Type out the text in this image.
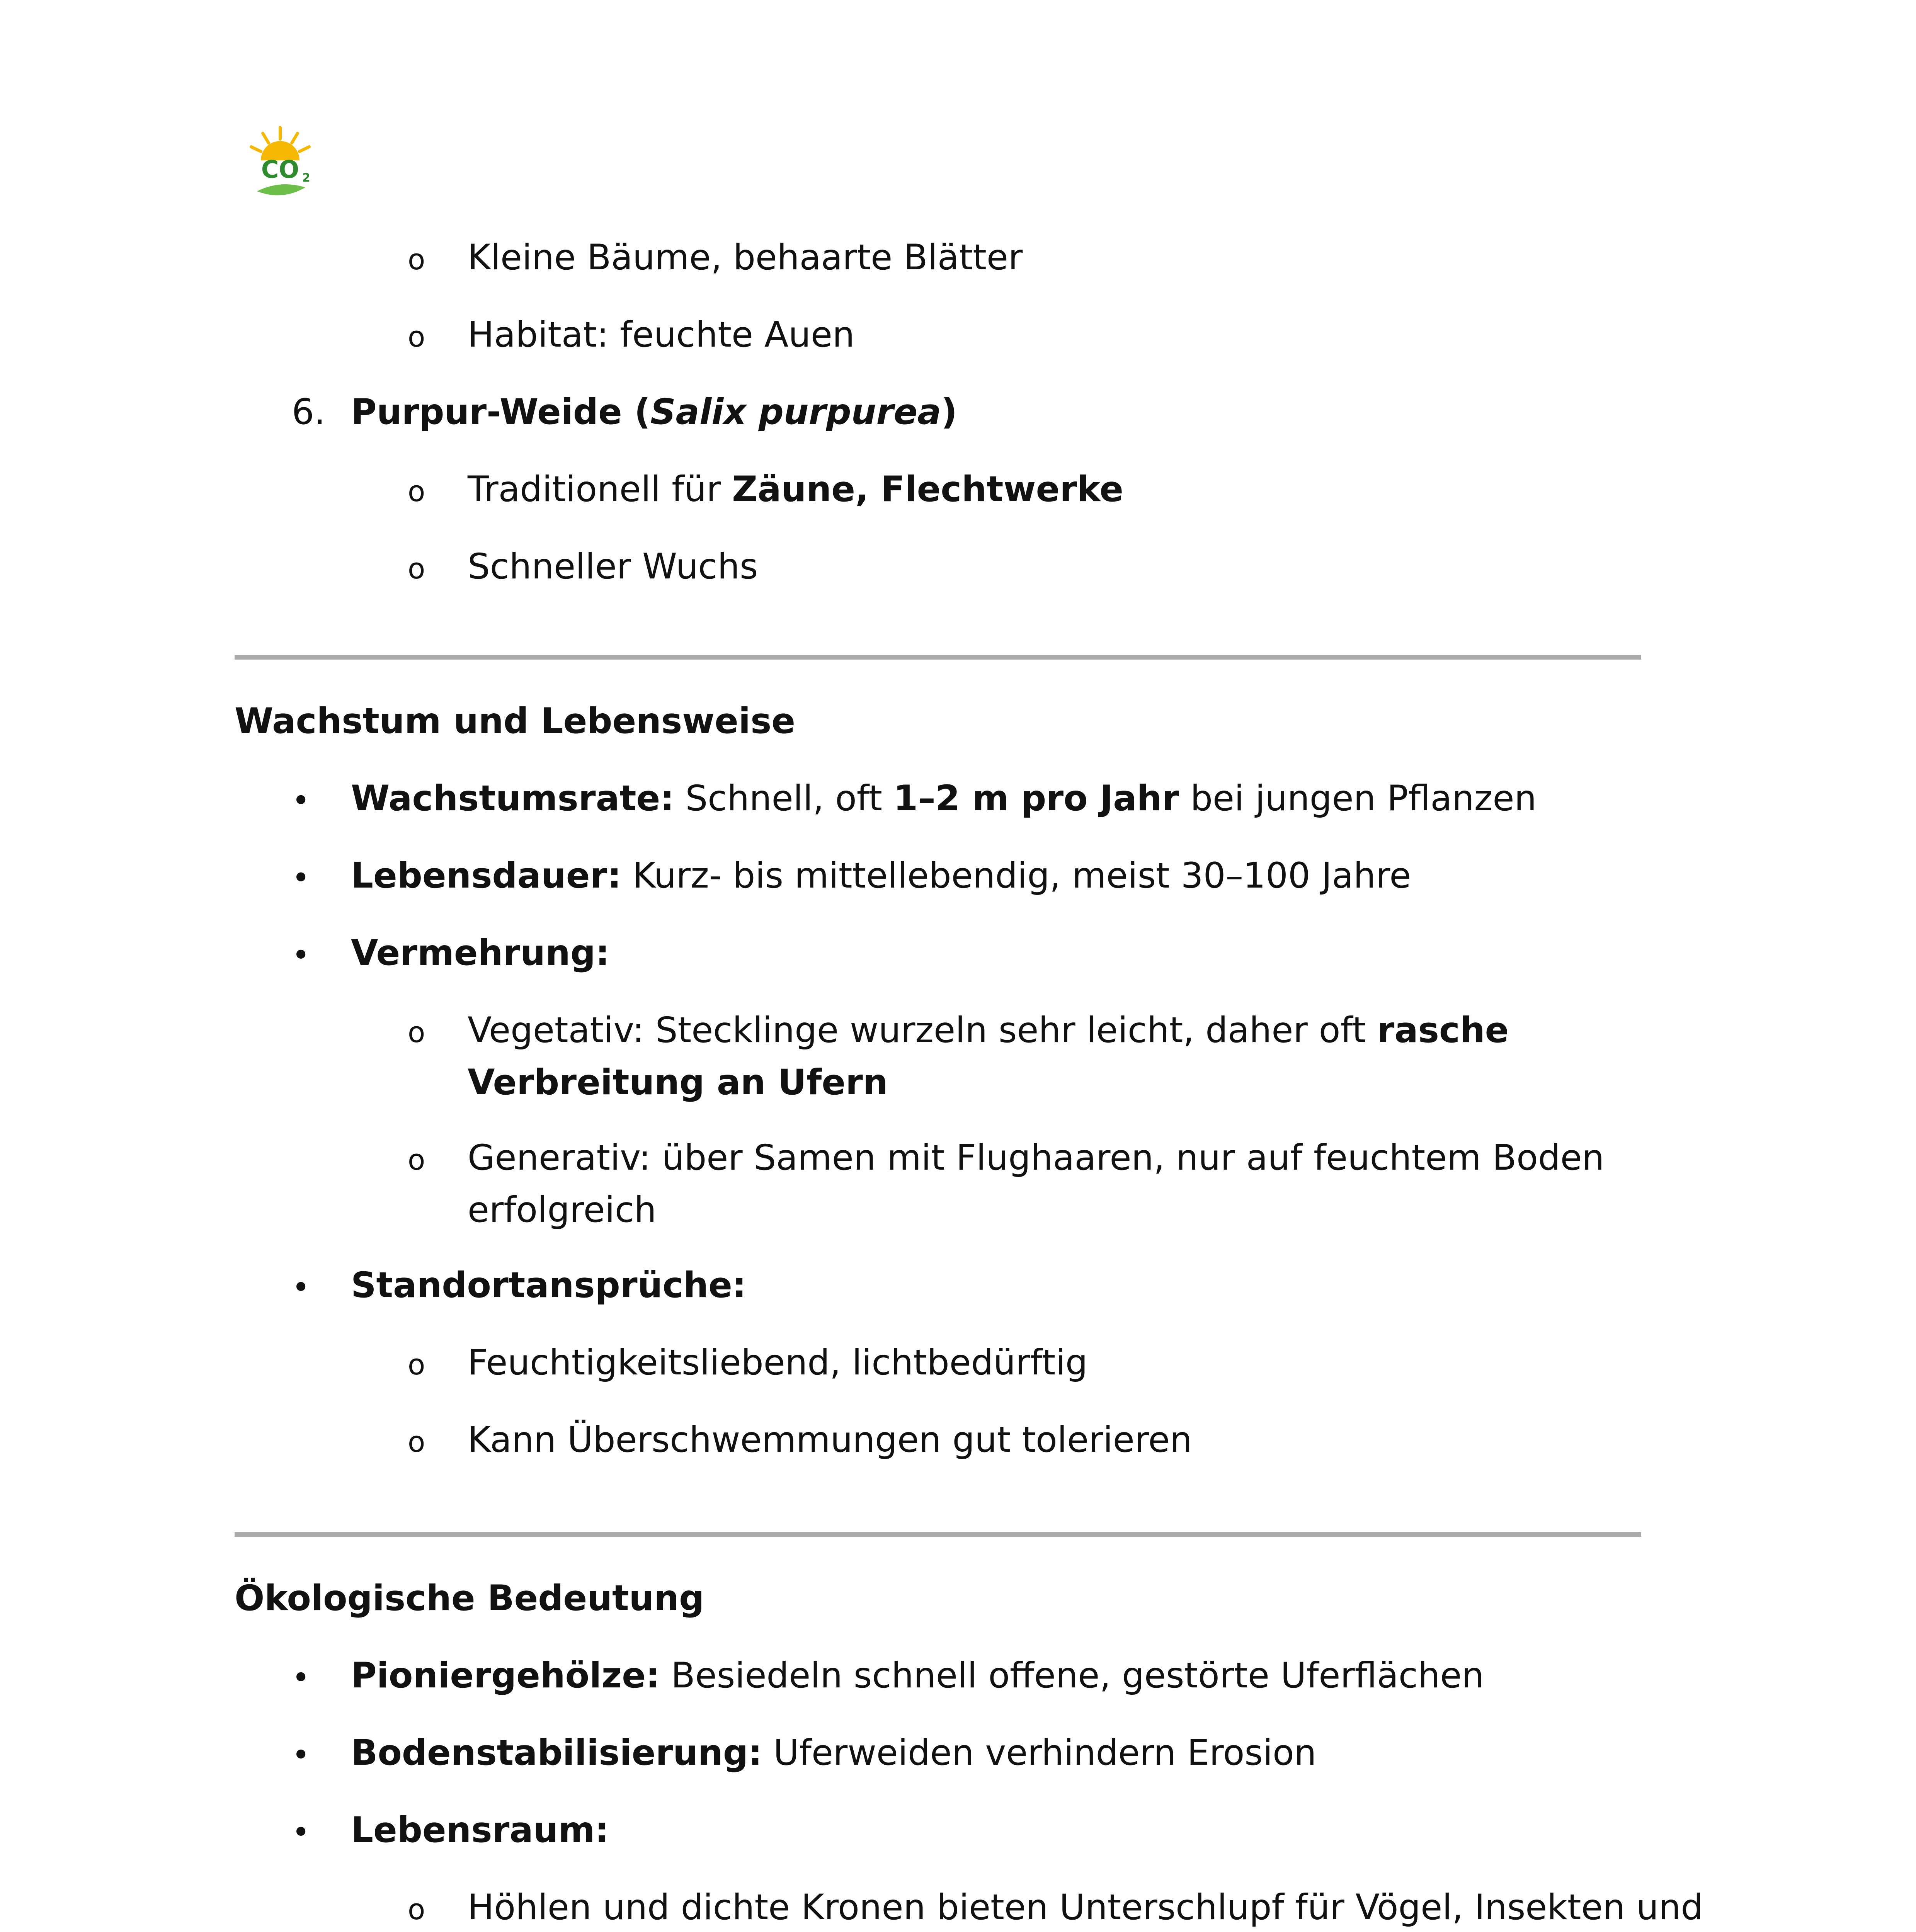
CO 2
o Kleine Bäume, behaarte Blätter
o Habitat: feuchte Auen
6. Purpur-Weide (Salix purpurea)
o Traditionell für Zäune, Flechtwerke
o Schneller Wuchs
Wachstum und Lebensweise
• Wachstumsrate: Schnell, oft 1–2 m pro Jahr bei jungen Pflanzen
• Lebensdauer: Kurz- bis mittellebendig, meist 30–100 Jahre
• Vermehrung:
o Vegetativ: Stecklinge wurzeln sehr leicht, daher oft rasche
Verbreitung an Ufern
o Generativ: über Samen mit Flughaaren, nur auf feuchtem Boden
erfolgreich
• Standortansprüche:
o Feuchtigkeitsliebend, lichtbedürftig
o Kann Überschwemmungen gut tolerieren
Ökologische Bedeutung
• Pioniergehölze: Besiedeln schnell offene, gestörte Uferflächen
• Bodenstabilisierung: Uferweiden verhindern Erosion
• Lebensraum:
o Höhlen und dichte Kronen bieten Unterschlupf für Vögel, Insekten und
